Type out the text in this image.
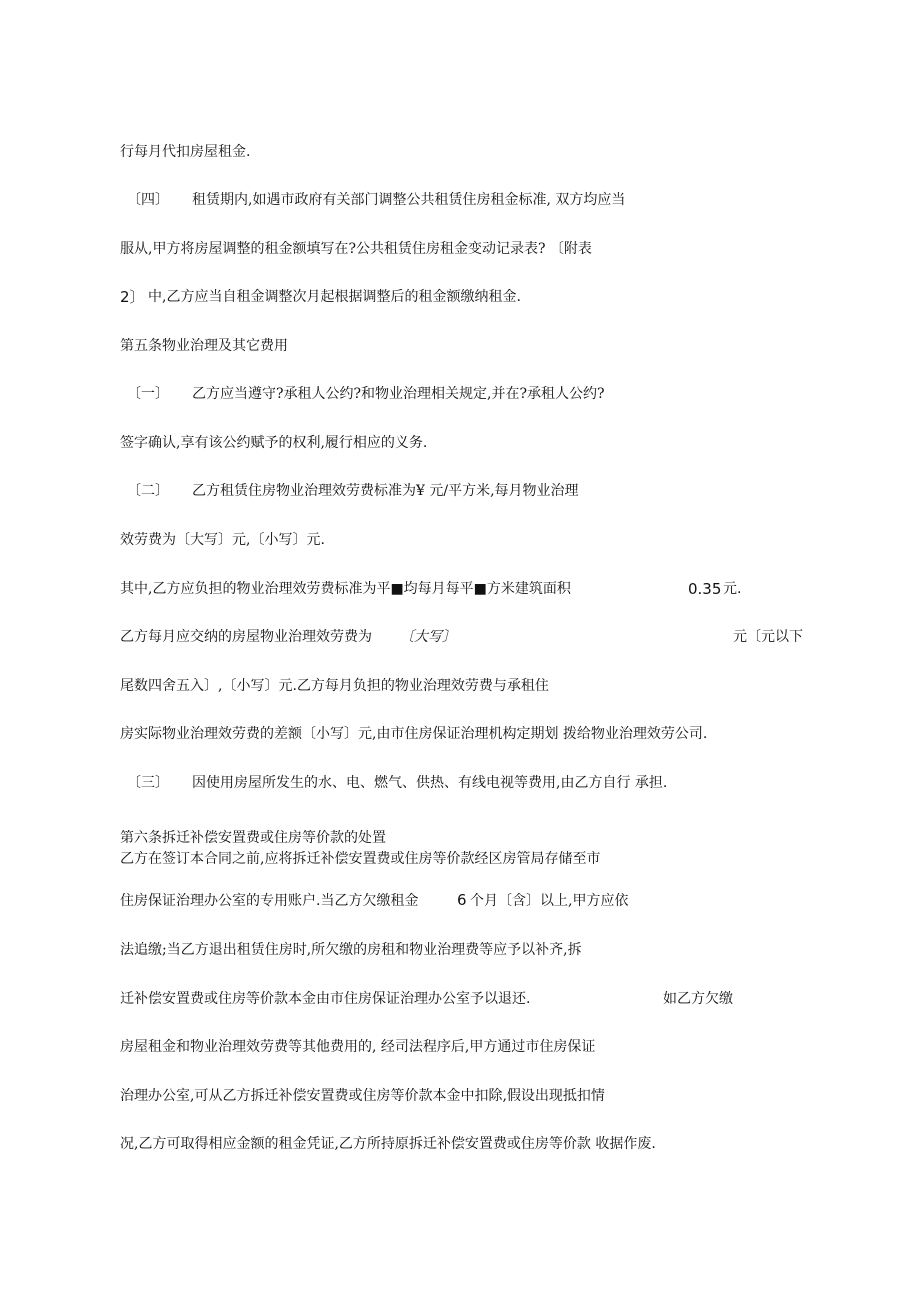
行每月代扣房屋租金.

〔四〕 租赁期内,如遇市政府有关部门调整公共租赁住房租金标准, 双方均应当

服从,甲方将房屋调整的租金额填写在?公共租赁住房租金变动记录表? 〔附表

2〕 中,乙方应当自租金调整次月起根据调整后的租金额缴纳租金.

第五条物业治理及其它费用

〔一〕 乙方应当遵守?承租人公约?和物业治理相关规定,并在?承租人公约?

签字确认,享有该公约赋予的权利,履行相应的义务.

〔二〕 乙方租赁住房物业治理效劳费标准为¥ 元/平方米,每月物业治理

效劳费为〔大写〕元,〔小写〕元.

其中,乙方应负担的物业治理效劳费标准为平■均每月每平■方米建筑面积	0.35 元.

乙方每月应交纳的房屋物业治理效劳费为 〔大写〕	元〔元以下

尾数四舍五入〕,〔小写〕元.乙方每月负担的物业治理效劳费与承租住

房实际物业治理效劳费的差额〔小写〕元,由市住房保证治理机构定期划 拨给物业治理效劳公司.

〔三〕 因使用房屋所发生的水、电、燃气、供热、有线电视等费用,由乙方自行 承担.

第六条拆迁补偿安置费或住房等价款的处置

乙方在签订本合同之前,应将拆迁补偿安置费或住房等价款经区房管局存储至市

住房保证治理办公室的专用账户.当乙方欠缴租金	6 个月〔含〕以上,甲方应依

法追缴;当乙方退出租赁住房时,所欠缴的房租和物业治理费等应予以补齐,拆

迁补偿安置费或住房等价款本金由市住房保证治理办公室予以退还.	如乙方欠缴

房屋租金和物业治理效劳费等其他费用的, 经司法程序后,甲方通过市住房保证

治理办公室,可从乙方拆迁补偿安置费或住房等价款本金中扣除,假设出现抵扣情

况,乙方可取得相应金额的租金凭证,乙方所持原拆迁补偿安置费或住房等价款 收据作废.
